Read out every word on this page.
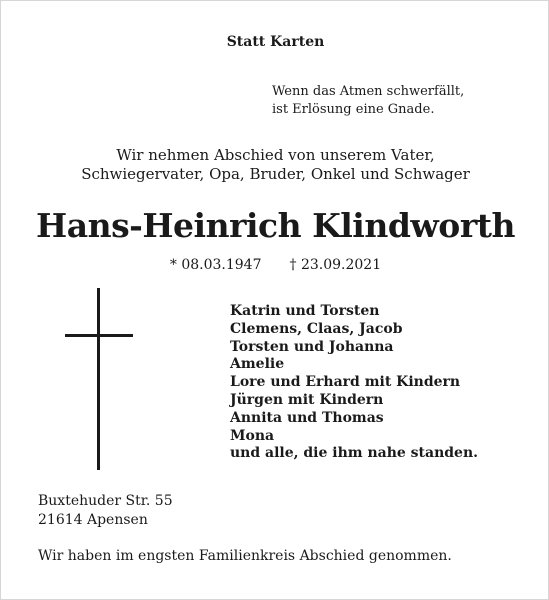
Statt Karten
Wenn das Atmen schwerfällt,
ist Erlösung eine Gnade.
Wir nehmen Abschied von unserem Vater,
Schwiegervater, Opa, Bruder, Onkel und Schwager
Hans-Heinrich Klindworth
* 08.03.1947 † 23.09.2021
Katrin und Torsten
Clemens, Claas, Jacob
Torsten und Johanna
Amelie
Lore und Erhard mit Kindern
Jürgen mit Kindern
Annita und Thomas
Mona
und alle, die ihm nahe standen.
Buxtehuder Str. 55
21614 Apensen
Wir haben im engsten Familienkreis Abschied genommen.
